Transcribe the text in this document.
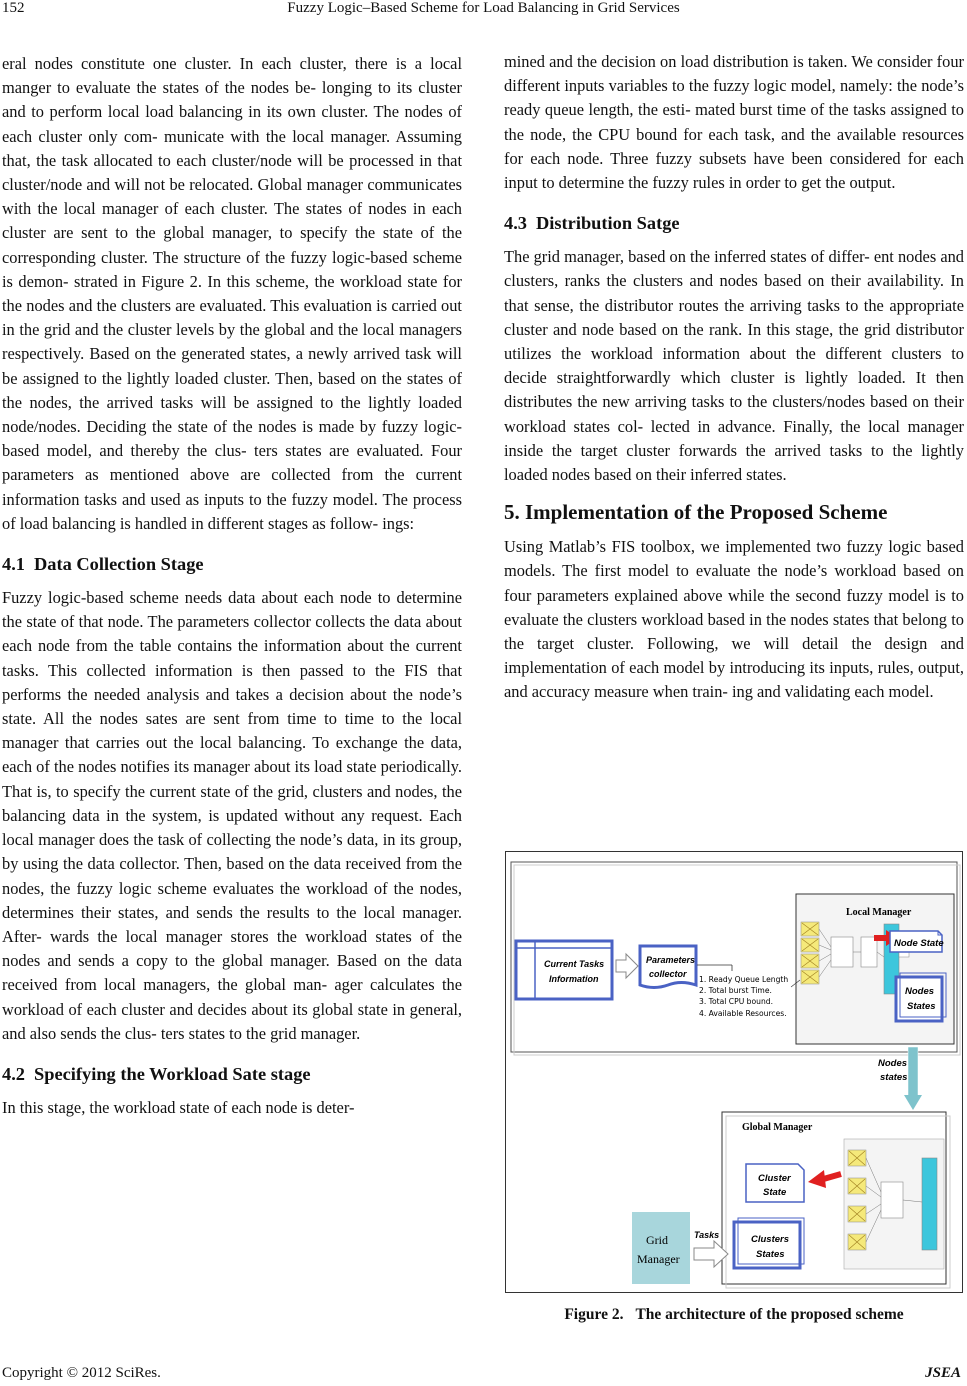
152	Fuzzy Logic–Based Scheme for Load Balancing in Grid Services

eral nodes constitute one cluster. In each cluster, there is a local manger to evaluate the states of the nodes be- longing to its cluster and to perform local load balancing in its own cluster. The nodes of each cluster only com- municate with the local manager. Assuming that, the task allocated to each cluster/node will be processed in that cluster/node and will not be relocated. Global manager communicates with the local manager of each cluster. The states of nodes in each cluster are sent to the global manager, to specify the state of the corresponding cluster. The structure of the fuzzy logic-based scheme is demon- strated in Figure 2. In this scheme, the workload state for the nodes and the clusters are evaluated. This evaluation is carried out in the grid and the cluster levels by the global and the local managers respectively. Based on the generated states, a newly arrived task will be assigned to the lightly loaded cluster. Then, based on the states of the nodes, the arrived tasks will be assigned to the lightly loaded node/nodes. Deciding the state of the nodes is made by fuzzy logic-based model, and thereby the clus- ters states are evaluated. Four parameters as mentioned above are collected from the current information tasks and used as inputs to the fuzzy model. The process of load balancing is handled in different stages as follow- ings:

4.1 Data Collection Stage

Fuzzy logic-based scheme needs data about each node to determine the state of that node. The parameters collector collects the data about each node from the table contains the information about the current tasks. This collected information is then passed to the FIS that performs the needed analysis and takes a decision about the node’s state. All the nodes sates are sent from time to time to the local manager that carries out the local balancing. To exchange the data, each of the nodes notifies its manager about its load state periodically. That is, to specify the current state of the grid, clusters and nodes, the balancing data in the system, is updated without any request. Each local manager does the task of collecting the node’s data, in its group, by using the data collector. Then, based on the data received from the nodes, the fuzzy logic scheme evaluates the workload of the nodes, determines their states, and sends the results to the local manager. After- wards the local manager stores the workload states of the nodes and sends a copy to the global manager. Based on the data received from local managers, the global man- ager calculates the workload of each cluster and decides about its global state in general, and also sends the clus- ters states to the grid manager.

4.2 Specifying the Workload Sate stage

In this stage, the workload state of each node is deter-

mined and the decision on load distribution is taken. We consider four different inputs variables to the fuzzy logic model, namely: the node’s ready queue length, the esti- mated burst time of the tasks assigned to the node, the CPU bound for each task, and the available resources for each node. Three fuzzy subsets have been considered for each input to determine the fuzzy rules in order to get the output.

4.3 Distribution Satge

The grid manager, based on the inferred states of differ- ent nodes and clusters, ranks the clusters and nodes based on their availability. In that sense, the distributor routes the arriving tasks to the appropriate cluster and node based on the rank. In this stage, the grid distributor utilizes the workload information about the different clusters to decide straightforwardly which cluster is lightly loaded. It then distributes the new arriving tasks to the clusters/nodes based on their workload states col- lected in advance. Finally, the local manager inside the target cluster forwards the arrived tasks to the lightly loaded nodes based on their inferred states.

5. Implementation of the Proposed Scheme

Using Matlab’s FIS toolbox, we implemented two fuzzy logic based models. The first model to evaluate the node’s workload based on four parameters explained above while the second fuzzy model is to evaluate the clusters workload based in the nodes states that belong to the target cluster. Following, we will detail the design and implementation of each model by introducing its inputs, rules, output, and accuracy measure when train- ing and validating each model.

Local Manager
Node State
Nodes
States
Current Tasks
Information
Parameters
collector
1. Ready Queue Length
2. Total burst Time.
3. Total CPU bound.
4. Available Resources.
Nodes
states
Global Manager
Cluster
State
Clusters
States
Grid
Manager
Tasks
Figure 2. The architecture of the proposed scheme
Copyright © 2012 SciRes.	JSEA
